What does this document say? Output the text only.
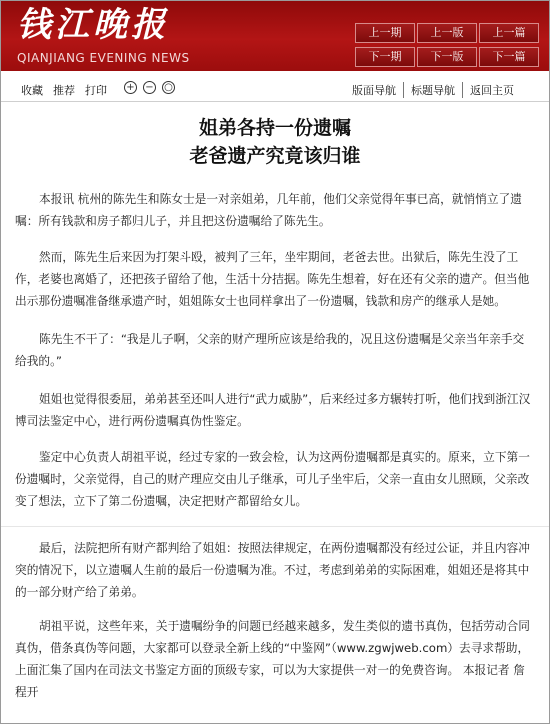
钱江晚报
QIANJIANG EVENING NEWS
上一期	上一版	上一篇
下一期	下一版	下一篇
收藏 推荐 打印 + − ○	版面导航	标题导航	返回主页
姐弟各持一份遗嘱
老爸遗产究竟该归谁

本报讯 杭州的陈先生和陈女士是一对亲姐弟，几年前，他们父亲觉得年事已高，就悄悄立了遗嘱：所有钱款和房子都归儿子，并且把这份遗嘱给了陈先生。

然而，陈先生后来因为打架斗殴，被判了三年，坐牢期间，老爸去世。出狱后，陈先生没了工作，老婆也离婚了，还把孩子留给了他，生活十分拮据。陈先生想着，好在还有父亲的遗产。但当他出示那份遗嘱准备继承遗产时，姐姐陈女士也同样拿出了一份遗嘱，钱款和房产的继承人是她。

陈先生不干了：“我是儿子啊，父亲的财产理所应该是给我的，况且这份遗嘱是父亲当年亲手交给我的。”

姐姐也觉得很委屈，弟弟甚至还叫人进行“武力威胁”，后来经过多方辗转打听，他们找到浙江汉博司法鉴定中心，进行两份遗嘱真伪性鉴定。

鉴定中心负责人胡祖平说，经过专家的一致会检，认为这两份遗嘱都是真实的。原来，立下第一份遗嘱时，父亲觉得，自己的财产理应交由儿子继承，可儿子坐牢后，父亲一直由女儿照顾，父亲改变了想法，立下了第二份遗嘱，决定把财产都留给女儿。

最后，法院把所有财产都判给了姐姐：按照法律规定，在两份遗嘱都没有经过公证，并且内容冲突的情况下，以立遗嘱人生前的最后一份遗嘱为准。不过，考虑到弟弟的实际困难，姐姐还是将其中的一部分财产给了弟弟。

胡祖平说，这些年来，关于遗嘱纷争的问题已经越来越多，发生类似的遗书真伪，包括劳动合同真伪，借条真伪等问题，大家都可以登录全新上线的“中鉴网”（www.zgwjweb.com）去寻求帮助，上面汇集了国内在司法文书鉴定方面的顶级专家，可以为大家提供一对一的免费咨询。 本报记者 詹程开
